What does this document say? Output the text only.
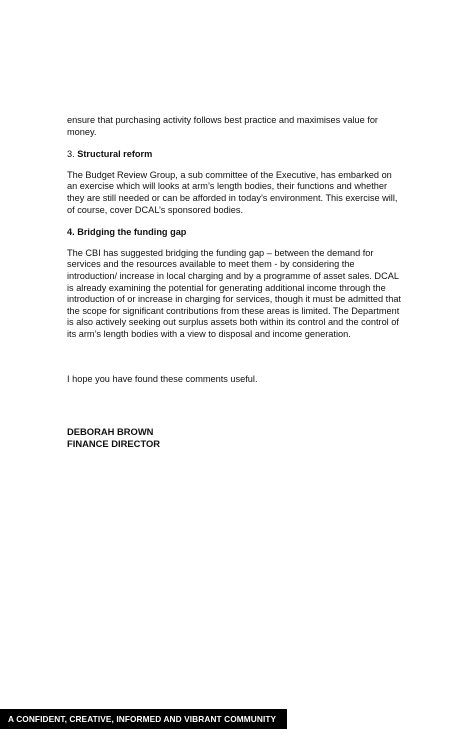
ensure that purchasing activity follows best practice and maximises value for money.

3. Structural reform

The Budget Review Group, a sub committee of the Executive, has embarked on an exercise which will looks at arm’s length bodies, their functions and whether they are still needed or can be afforded in today’s environment. This exercise will, of course, cover DCAL’s sponsored bodies.

4. Bridging the funding gap

The CBI has suggested bridging the funding gap – between the demand for services and the resources available to meet them - by considering the introduction/ increase in local charging and by a programme of asset sales. DCAL is already examining the potential for generating additional income through the introduction of or increase in charging for services, though it must be admitted that the scope for significant contributions from these areas is limited. The Department is also actively seeking out surplus assets both within its control and the control of its arm’s length bodies with a view to disposal and income generation.

I hope you have found these comments useful.

DEBORAH BROWN
FINANCE DIRECTOR
A CONFIDENT, CREATIVE, INFORMED AND VIBRANT COMMUNITY
